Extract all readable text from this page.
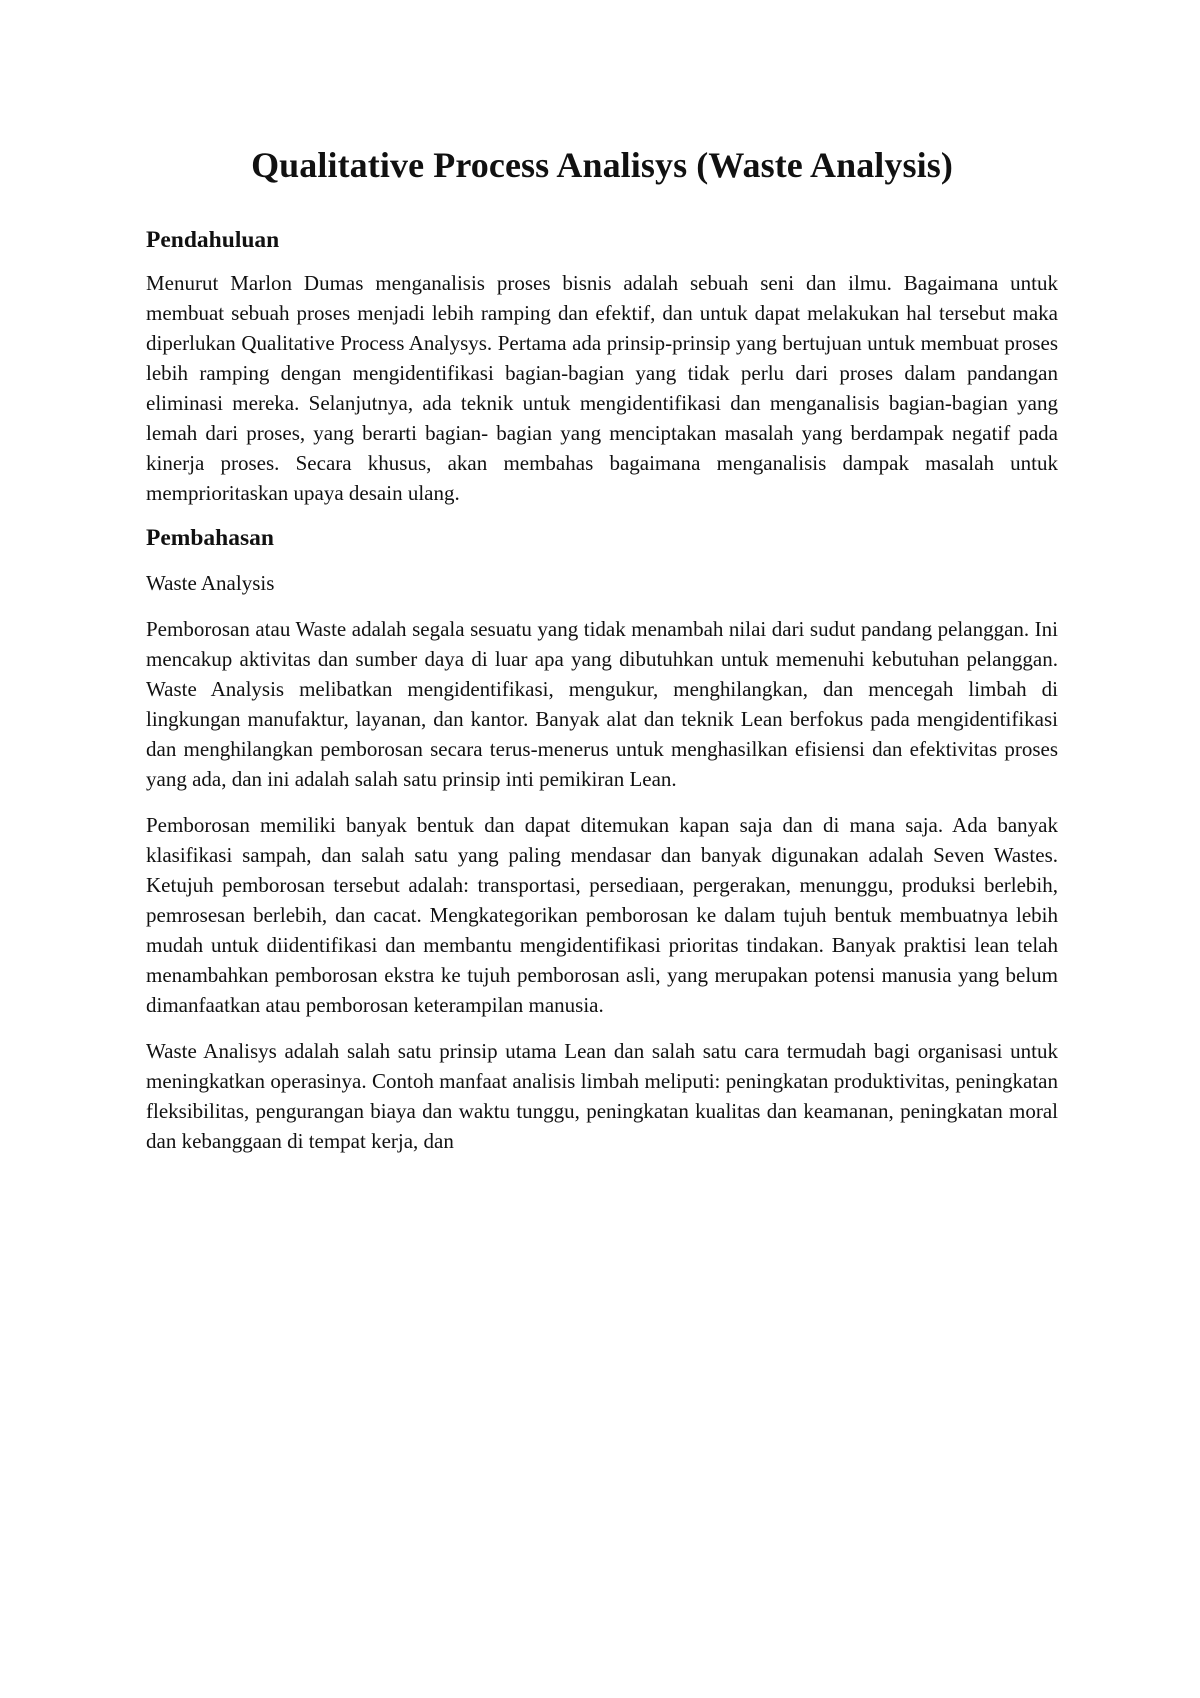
Qualitative Process Analisys (Waste Analysis)
Pendahuluan

Menurut Marlon Dumas menganalisis proses bisnis adalah sebuah seni dan ilmu. Bagaimana untuk membuat sebuah proses menjadi lebih ramping dan efektif, dan untuk dapat melakukan hal tersebut maka diperlukan Qualitative Process Analysys. Pertama ada prinsip-prinsip yang bertujuan untuk membuat proses lebih ramping dengan mengidentifikasi bagian-bagian yang tidak perlu dari proses dalam pandangan eliminasi mereka. Selanjutnya, ada teknik untuk mengidentifikasi dan menganalisis bagian-bagian yang lemah dari proses, yang berarti bagian- bagian yang menciptakan masalah yang berdampak negatif pada kinerja proses. Secara khusus, akan membahas bagaimana menganalisis dampak masalah untuk memprioritaskan upaya desain ulang.

Pembahasan

Waste Analysis

Pemborosan atau Waste adalah segala sesuatu yang tidak menambah nilai dari sudut pandang pelanggan. Ini mencakup aktivitas dan sumber daya di luar apa yang dibutuhkan untuk memenuhi kebutuhan pelanggan. Waste Analysis melibatkan mengidentifikasi, mengukur, menghilangkan, dan mencegah limbah di lingkungan manufaktur, layanan, dan kantor. Banyak alat dan teknik Lean berfokus pada mengidentifikasi dan menghilangkan pemborosan secara terus-menerus untuk menghasilkan efisiensi dan efektivitas proses yang ada, dan ini adalah salah satu prinsip inti pemikiran Lean.

Pemborosan memiliki banyak bentuk dan dapat ditemukan kapan saja dan di mana saja. Ada banyak klasifikasi sampah, dan salah satu yang paling mendasar dan banyak digunakan adalah Seven Wastes. Ketujuh pemborosan tersebut adalah: transportasi, persediaan, pergerakan, menunggu, produksi berlebih, pemrosesan berlebih, dan cacat. Mengkategorikan pemborosan ke dalam tujuh bentuk membuatnya lebih mudah untuk diidentifikasi dan membantu mengidentifikasi prioritas tindakan. Banyak praktisi lean telah menambahkan pemborosan ekstra ke tujuh pemborosan asli, yang merupakan potensi manusia yang belum dimanfaatkan atau pemborosan keterampilan manusia.

Waste Analisys adalah salah satu prinsip utama Lean dan salah satu cara termudah bagi organisasi untuk meningkatkan operasinya. Contoh manfaat analisis limbah meliputi: peningkatan produktivitas, peningkatan fleksibilitas, pengurangan biaya dan waktu tunggu, peningkatan kualitas dan keamanan, peningkatan moral dan kebanggaan di tempat kerja, dan
